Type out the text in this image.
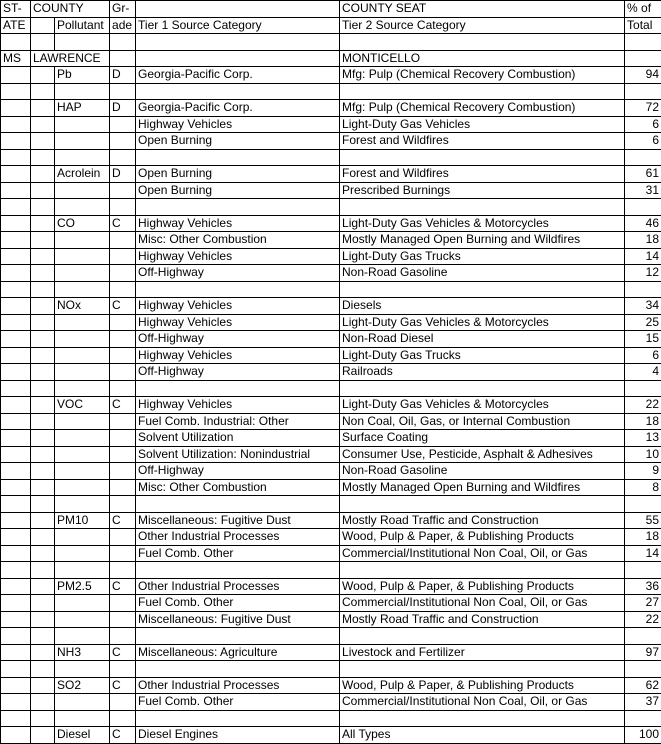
ST-	COUNTY		Gr-		COUNTY SEAT	% of
ATE		Pollutant	ade	Tier 1 Source Category	Tier 2 Source Category	Total

MS	LAWRENCE				MONTICELLO	
		Pb	D	Georgia-Pacific Corp.	Mfg: Pulp (Chemical Recovery Combustion)	94

		HAP	D	Georgia-Pacific Corp.	Mfg: Pulp (Chemical Recovery Combustion)	72
				Highway Vehicles	Light-Duty Gas Vehicles	6
				Open Burning	Forest and Wildfires	6

		Acrolein	D	Open Burning	Forest and Wildfires	61
				Open Burning	Prescribed Burnings	31

		CO	C	Highway Vehicles	Light-Duty Gas Vehicles & Motorcycles	46
				Misc: Other Combustion	Mostly Managed Open Burning and Wildfires	18
				Highway Vehicles	Light-Duty Gas Trucks	14
				Off-Highway	Non-Road Gasoline	12

		NOx	C	Highway Vehicles	Diesels	34
				Highway Vehicles	Light-Duty Gas Vehicles & Motorcycles	25
				Off-Highway	Non-Road Diesel	15
				Highway Vehicles	Light-Duty Gas Trucks	6
				Off-Highway	Railroads	4

		VOC	C	Highway Vehicles	Light-Duty Gas Vehicles & Motorcycles	22
				Fuel Comb. Industrial: Other	Non Coal, Oil, Gas, or Internal Combustion	18
				Solvent Utilization	Surface Coating	13
				Solvent Utilization: Nonindustrial	Consumer Use, Pesticide, Asphalt & Adhesives	10
				Off-Highway	Non-Road Gasoline	9
				Misc: Other Combustion	Mostly Managed Open Burning and Wildfires	8

		PM10	C	Miscellaneous: Fugitive Dust	Mostly Road Traffic and Construction	55
				Other Industrial Processes	Wood, Pulp & Paper, & Publishing Products	18
				Fuel Comb. Other	Commercial/Institutional Non Coal, Oil, or Gas	14

		PM2.5	C	Other Industrial Processes	Wood, Pulp & Paper, & Publishing Products	36
				Fuel Comb. Other	Commercial/Institutional Non Coal, Oil, or Gas	27
				Miscellaneous: Fugitive Dust	Mostly Road Traffic and Construction	22

		NH3	C	Miscellaneous: Agriculture	Livestock and Fertilizer	97

		SO2	C	Other Industrial Processes	Wood, Pulp & Paper, & Publishing Products	62
				Fuel Comb. Other	Commercial/Institutional Non Coal, Oil, or Gas	37

		Diesel	C	Diesel Engines	All Types	100
